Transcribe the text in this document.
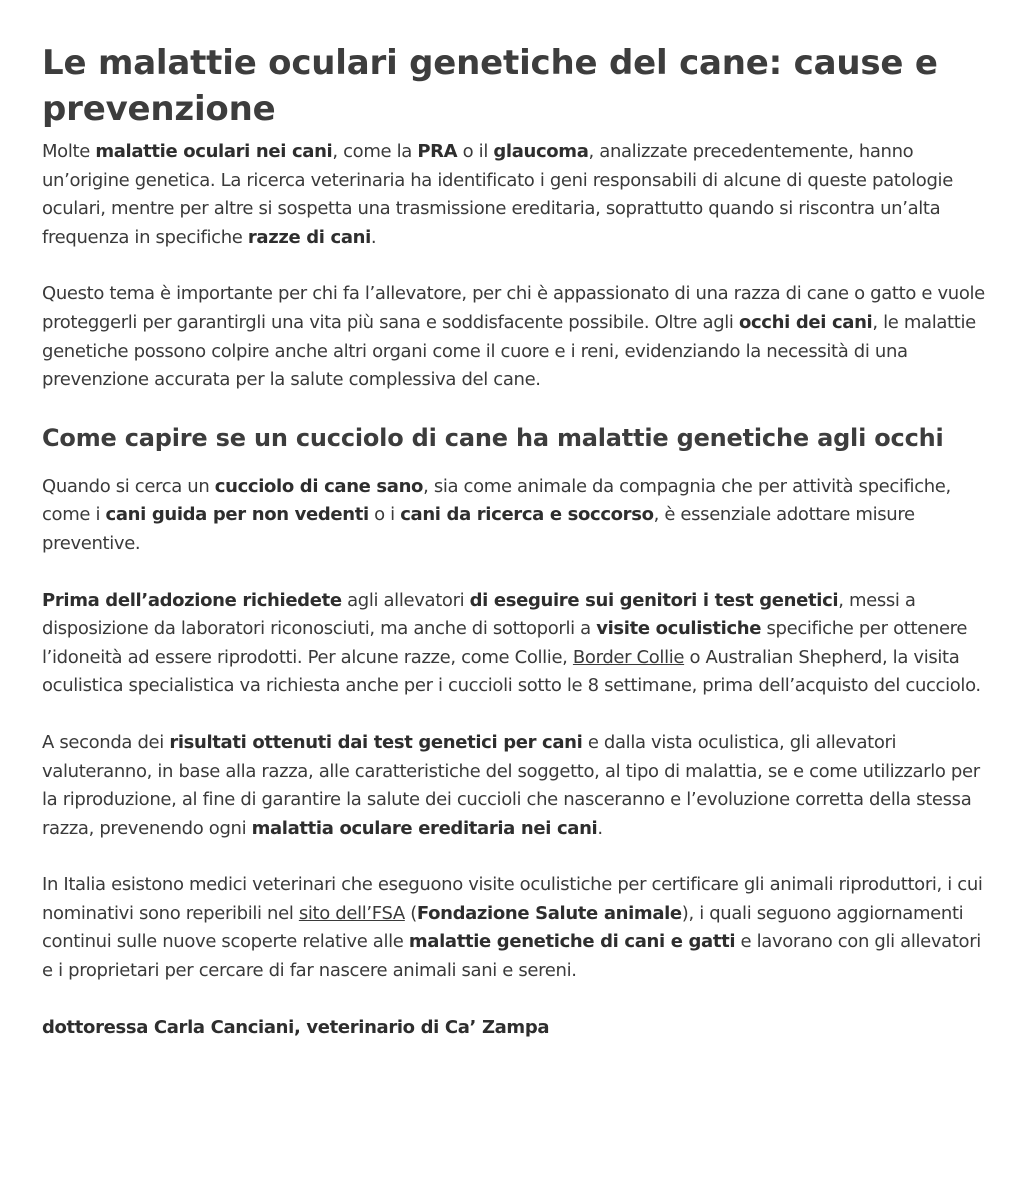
Le malattie oculari genetiche del cane: cause e prevenzione

Molte malattie oculari nei cani, come la PRA o il glaucoma, analizzate precedentemente, hanno un’origine genetica. La ricerca veterinaria ha identificato i geni responsabili di alcune di queste patologie oculari, mentre per altre si sospetta una trasmissione ereditaria, soprattutto quando si riscontra un’alta frequenza in specifiche razze di cani.

Questo tema è importante per chi fa l’allevatore, per chi è appassionato di una razza di cane o gatto e vuole proteggerli per garantirgli una vita più sana e soddisfacente possibile. Oltre agli occhi dei cani, le malattie genetiche possono colpire anche altri organi come il cuore e i reni, evidenziando la necessità di una prevenzione accurata per la salute complessiva del cane.

Come capire se un cucciolo di cane ha malattie genetiche agli occhi

Quando si cerca un cucciolo di cane sano, sia come animale da compagnia che per attività specifiche, come i cani guida per non vedenti o i cani da ricerca e soccorso, è essenziale adottare misure preventive.

Prima dell’adozione richiedete agli allevatori di eseguire sui genitori i test genetici, messi a disposizione da laboratori riconosciuti, ma anche di sottoporli a visite oculistiche specifiche per ottenere l’idoneità ad essere riprodotti. Per alcune razze, come Collie, Border Collie o Australian Shepherd, la visita oculistica specialistica va richiesta anche per i cuccioli sotto le 8 settimane, prima dell’acquisto del cucciolo.

A seconda dei risultati ottenuti dai test genetici per cani e dalla vista oculistica, gli allevatori valuteranno, in base alla razza, alle caratteristiche del soggetto, al tipo di malattia, se e come utilizzarlo per la riproduzione, al fine di garantire la salute dei cuccioli che nasceranno e l’evoluzione corretta della stessa razza, prevenendo ogni malattia oculare ereditaria nei cani.

In Italia esistono medici veterinari che eseguono visite oculistiche per certificare gli animali riproduttori, i cui nominativi sono reperibili nel sito dell’FSA (Fondazione Salute animale), i quali seguono aggiornamenti continui sulle nuove scoperte relative alle malattie genetiche di cani e gatti e lavorano con gli allevatori e i proprietari per cercare di far nascere animali sani e sereni.

dottoressa Carla Canciani, veterinario di Ca’ Zampa
